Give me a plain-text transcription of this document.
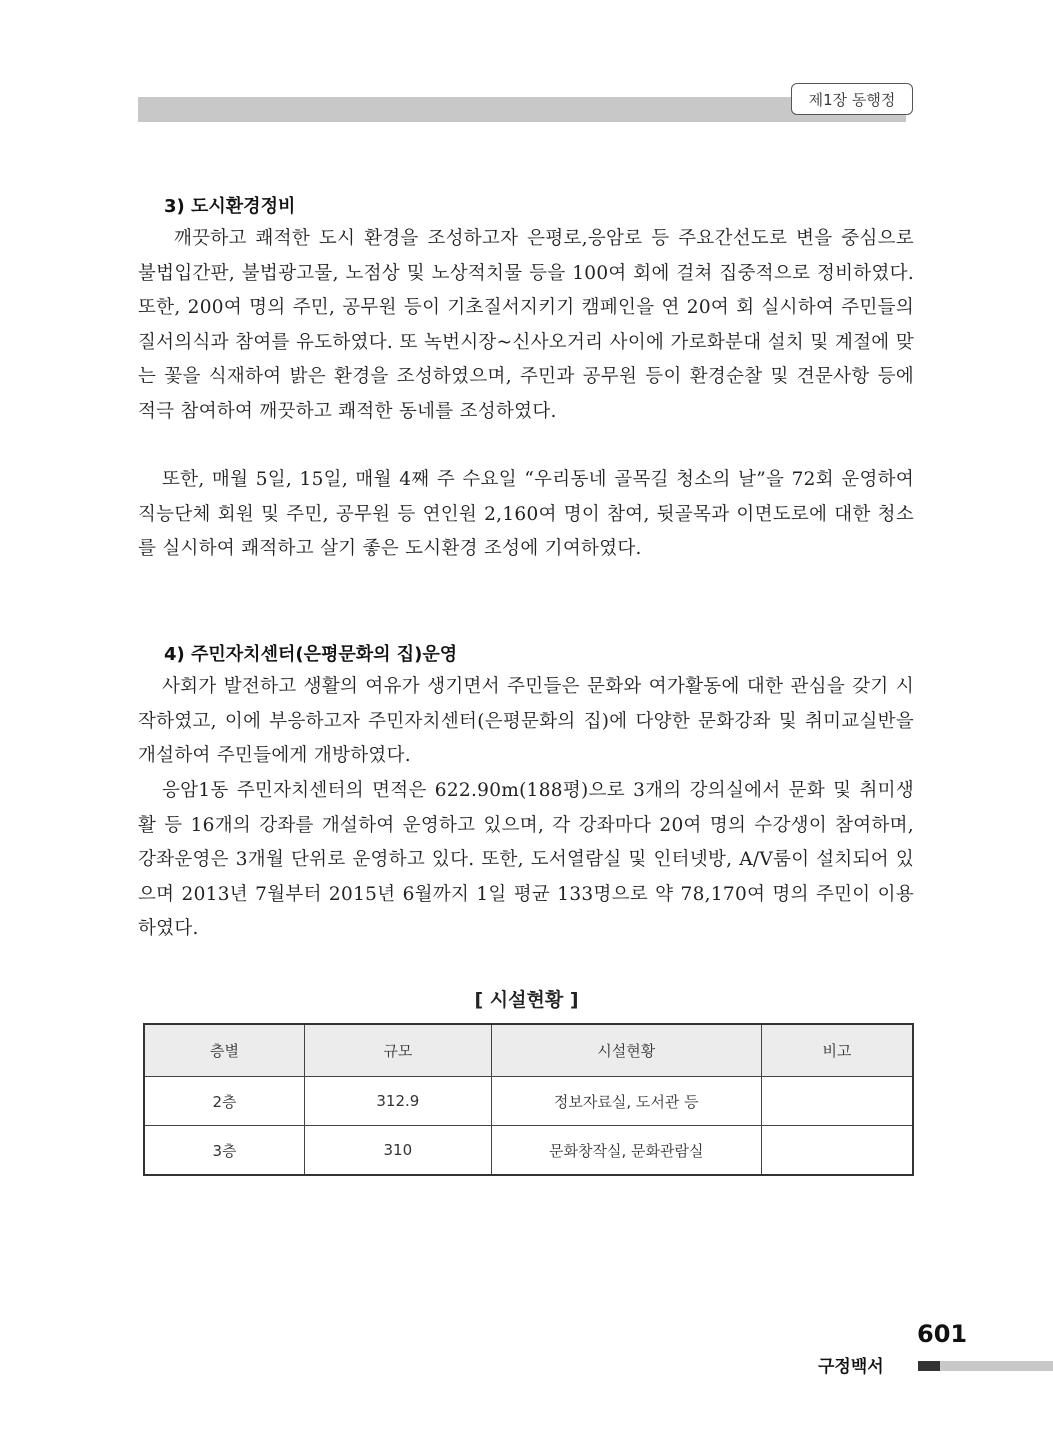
제1장 동행정
3) 도시환경정비

깨끗하고 쾌적한 도시 환경을 조성하고자 은평로,응암로 등 주요간선도로 변을 중심으로 불법입간판, 불법광고물, 노점상 및 노상적치물 등을 100여 회에 걸쳐 집중적으로 정비하였다. 또한, 200여 명의 주민, 공무원 등이 기초질서지키기 캠페인을 연 20여 회 실시하여 주민들의 질서의식과 참여를 유도하였다. 또 녹번시장~신사오거리 사이에 가로화분대 설치 및 계절에 맞는 꽃을 식재하여 밝은 환경을 조성하였으며, 주민과 공무원 등이 환경순찰 및 견문사항 등에 적극 참여하여 깨끗하고 쾌적한 동네를 조성하였다.

또한, 매월 5일, 15일, 매월 4째 주 수요일 “우리동네 골목길 청소의 날”을 72회 운영하여 직능단체 회원 및 주민, 공무원 등 연인원 2,160여 명이 참여, 뒷골목과 이면도로에 대한 청소를 실시하여 쾌적하고 살기 좋은 도시환경 조성에 기여하였다.

4) 주민자치센터(은평문화의 집)운영

사회가 발전하고 생활의 여유가 생기면서 주민들은 문화와 여가활동에 대한 관심을 갖기 시작하였고, 이에 부응하고자 주민자치센터(은평문화의 집)에 다양한 문화강좌 및 취미교실반을 개설하여 주민들에게 개방하였다.

응암1동 주민자치센터의 면적은 622.90m(188평)으로 3개의 강의실에서 문화 및 취미생활 등 16개의 강좌를 개설하여 운영하고 있으며, 각 강좌마다 20여 명의 수강생이 참여하며, 강좌운영은 3개월 단위로 운영하고 있다. 또한, 도서열람실 및 인터넷방, A/V룸이 설치되어 있으며 2013년 7월부터 2015년 6월까지 1일 평균 133명으로 약 78,170여 명의 주민이 이용하였다.

[ 시설현황 ]
층별	규모	시설현황	비고
2층	312.9	정보자료실, 도서관 등	
3층	310	문화창작실, 문화관람실	
601
구정백서
